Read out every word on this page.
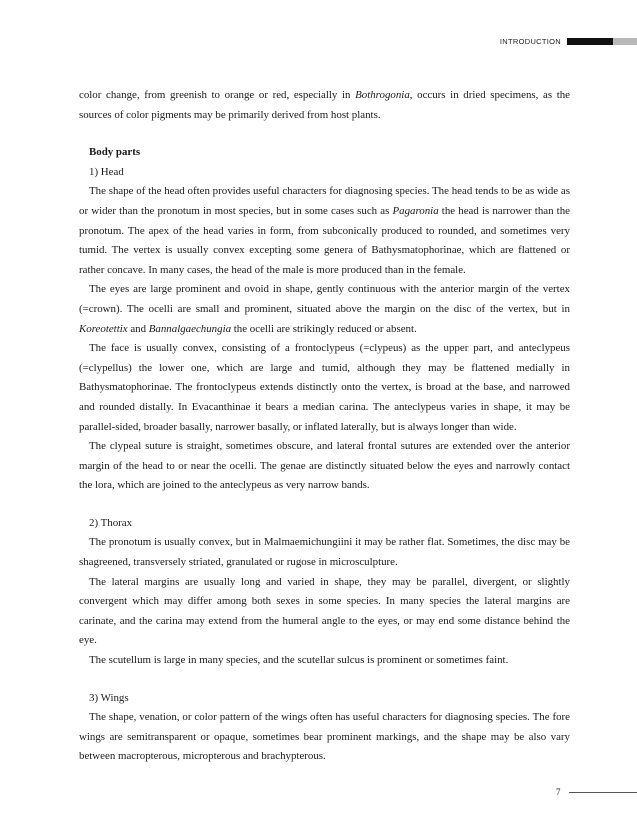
INTRODUCTION

color change, from greenish to orange or red, especially in Bothrogonia, occurs in dried specimens, as the sources of color pigments may be primarily derived from host plants.

Body parts

1) Head

The shape of the head often provides useful characters for diagnosing species. The head tends to be as wide as or wider than the pronotum in most species, but in some cases such as Pagaronia the head is narrower than the pronotum. The apex of the head varies in form, from subconically produced to rounded, and sometimes very tumid. The vertex is usually convex excepting some genera of Bathysmatophorinae, which are flattened or rather concave. In many cases, the head of the male is more produced than in the female.

The eyes are large prominent and ovoid in shape, gently continuous with the anterior margin of the vertex (=crown). The ocelli are small and prominent, situated above the margin on the disc of the vertex, but in Koreotettix and Bannalgaechungia the ocelli are strikingly reduced or absent.

The face is usually convex, consisting of a frontoclypeus (=clypeus) as the upper part, and anteclypeus (=clypellus) the lower one, which are large and tumid, although they may be flattened medially in Bathysmatophorinae. The frontoclypeus extends distinctly onto the vertex, is broad at the base, and narrowed and rounded distally. In Evacanthinae it bears a median carina. The anteclypeus varies in shape, it may be parallel-sided, broader basally, narrower basally, or inflated laterally, but is always longer than wide.

The clypeal suture is straight, sometimes obscure, and lateral frontal sutures are extended over the anterior margin of the head to or near the ocelli. The genae are distinctly situated below the eyes and narrowly contact the lora, which are joined to the anteclypeus as very narrow bands.

2) Thorax

The pronotum is usually convex, but in Malmaemichungiini it may be rather flat. Sometimes, the disc may be shagreened, transversely striated, granulated or rugose in microsculpture.

The lateral margins are usually long and varied in shape, they may be parallel, divergent, or slightly convergent which may differ among both sexes in some species. In many species the lateral margins are carinate, and the carina may extend from the humeral angle to the eyes, or may end some distance behind the eye.

The scutellum is large in many species, and the scutellar sulcus is prominent or sometimes faint.

3) Wings

The shape, venation, or color pattern of the wings often has useful characters for diagnosing species. The fore wings are semitransparent or opaque, sometimes bear prominent markings, and the shape may be also vary between macropterous, micropterous and brachypterous.

7
